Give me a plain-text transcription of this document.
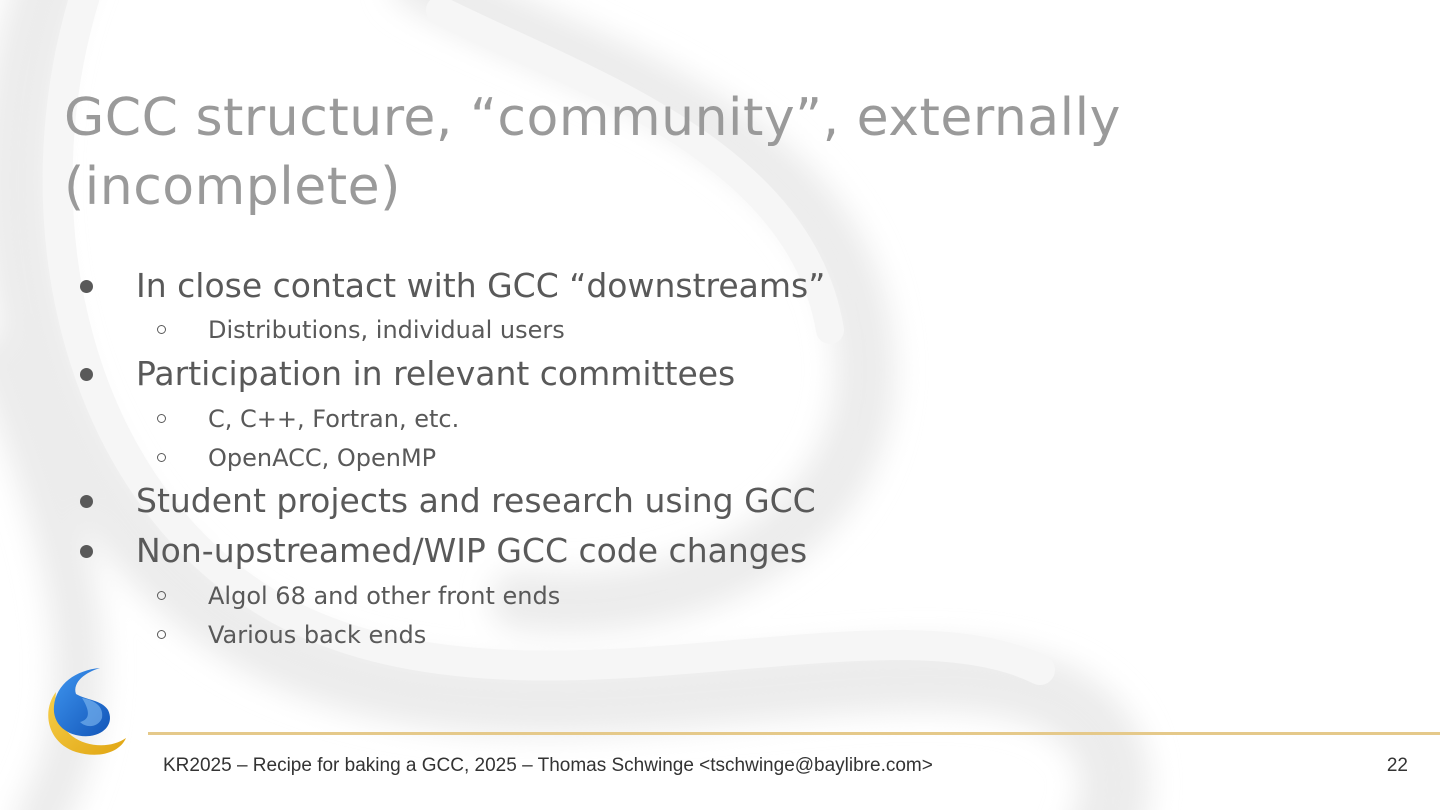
GCC structure, “community”, externally (incomplete)
In close contact with GCC “downstreams”
Distributions, individual users
Participation in relevant committees
C, C++, Fortran, etc.
OpenACC, OpenMP
Student projects and research using GCC
Non-upstreamed/WIP GCC code changes
Algol 68 and other front ends
Various back ends
KR2025 – Recipe for baking a GCC, 2025 – Thomas Schwinge <tschwinge@baylibre.com>	22
